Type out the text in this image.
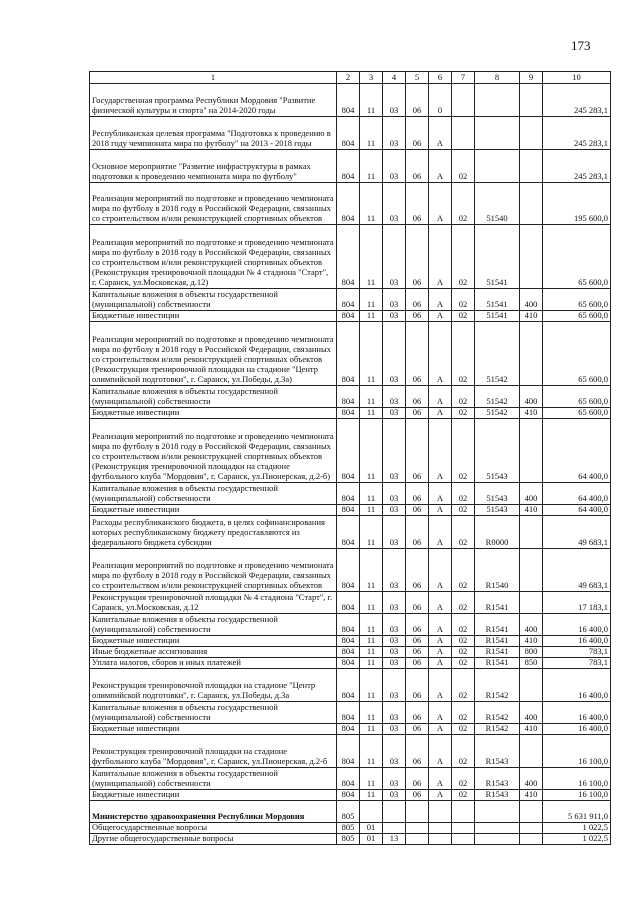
173
1	2	3	4	5	6	7	8	9	10
Государственная программа Республики Мордовия "Развитие физической культуры и спорта" на 2014-2020 годы	804	11	03	06	0				245 283,1
Республиканская целевая программа "Подготовка к проведению в 2018 году чемпионата мира по футболу" на 2013 - 2018 годы	804	11	03	06	А				245 283,1
Основное мероприятие "Развитие инфраструктуры в рамках подготовки к проведению чемпионата мира по футболу"	804	11	03	06	А	02			245 283,1
Реализация мероприятий по подготовке и проведению чемпионата мира по футболу в 2018 году в Российской Федерации, связанных со строительством и/или реконструкцией спортивных объектов	804	11	03	06	А	02	51540		195 600,0
Реализация мероприятий по подготовке и проведению чемпионата мира по футболу в 2018 году в Российской Федерации, связанных со строительством и/или реконструкцией спортивных объектов (Реконструкция тренировочной площадки № 4 стадиона "Старт", г. Саранск, ул.Московская, д.12)	804	11	03	06	А	02	51541		65 600,0
Капитальные вложения в объекты государственной (муниципальной) собственности	804	11	03	06	А	02	51541	400	65 600,0
Бюджетные инвестиции	804	11	03	06	А	02	51541	410	65 600,0
Реализация мероприятий по подготовке и проведению чемпионата мира по футболу в 2018 году в Российской Федерации, связанных со строительством и/или реконструкцией спортивных объектов (Реконструкция тренировочной площадки на стадионе "Центр олимпийской подготовки", г. Саранск, ул.Победы, д.3а)	804	11	03	06	А	02	51542		65 600,0
Капитальные вложения в объекты государственной (муниципальной) собственности	804	11	03	06	А	02	51542	400	65 600,0
Бюджетные инвестиции	804	11	03	06	А	02	51542	410	65 600,0
Реализация мероприятий по подготовке и проведению чемпионата мира по футболу в 2018 году в Российской Федерации, связанных со строительством и/или реконструкцией спортивных объектов (Реконструкция тренировочной площадки на стадионе футбольного клуба "Мордовия", г. Саранск, ул.Пионерская, д.2-б)	804	11	03	06	А	02	51543		64 400,0
Капитальные вложения в объекты государственной (муниципальной) собственности	804	11	03	06	А	02	51543	400	64 400,0
Бюджетные инвестиции	804	11	03	06	А	02	51543	410	64 400,0
Расходы республиканского бюджета, в целях софинансирования которых республиканскому бюджету предоставляются из федерального бюджета субсидии	804	11	03	06	А	02	R0000		49 683,1
Реализация мероприятий по подготовке и проведению чемпионата мира по футболу в 2018 году в Российской Федерации, связанных со строительством и/или реконструкцией спортивных объектов	804	11	03	06	А	02	R1540		49 683,1
Реконструкция тренировочной площадки № 4 стадиона "Старт", г. Саранск, ул.Московская, д.12	804	11	03	06	А	02	R1541		17 183,1
Капитальные вложения в объекты государственной (муниципальной) собственности	804	11	03	06	А	02	R1541	400	16 400,0
Бюджетные инвестиции	804	11	03	06	А	02	R1541	410	16 400,0
Иные бюджетные ассигнования	804	11	03	06	А	02	R1541	800	783,1
Уплата налогов, сборов и иных платежей	804	11	03	06	А	02	R1541	850	783,1
Реконструкция тренировочной площадки на стадионе "Центр олимпийской подготовки", г. Саранск, ул.Победы, д.3а	804	11	03	06	А	02	R1542		16 400,0
Капитальные вложения в объекты государственной (муниципальной) собственности	804	11	03	06	А	02	R1542	400	16 400,0
Бюджетные инвестиции	804	11	03	06	А	02	R1542	410	16 400,0
Реконструкция тренировочной площадки на стадионе футбольного клуба "Мордовия", г. Саранск, ул.Пионерская, д.2-б	804	11	03	06	А	02	R1543		16 100,0
Капитальные вложения в объекты государственной (муниципальной) собственности	804	11	03	06	А	02	R1543	400	16 100,0
Бюджетные инвестиции	804	11	03	06	А	02	R1543	410	16 100,0
Министерство здравоохранения Республики Мордовия	805								5 631 911,0
Общегосударственные вопросы	805	01							1 022,5
Другие общегосударственные вопросы	805	01	13						1 022,5
